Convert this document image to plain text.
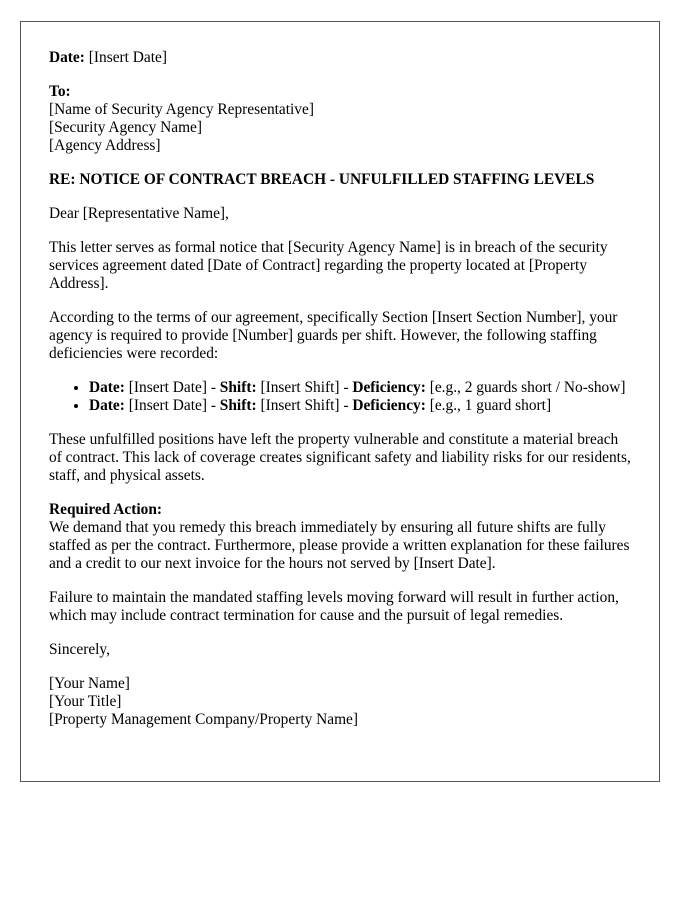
Date: [Insert Date]

To:
[Name of Security Agency Representative]
[Security Agency Name]
[Agency Address]

RE: NOTICE OF CONTRACT BREACH - UNFULFILLED STAFFING LEVELS

Dear [Representative Name],

This letter serves as formal notice that [Security Agency Name] is in breach of the security services agreement dated [Date of Contract] regarding the property located at [Property Address].

According to the terms of our agreement, specifically Section [Insert Section Number], your agency is required to provide [Number] guards per shift. However, the following staffing deficiencies were recorded:

• Date: [Insert Date] - Shift: [Insert Shift] - Deficiency: [e.g., 2 guards short / No-show]
• Date: [Insert Date] - Shift: [Insert Shift] - Deficiency: [e.g., 1 guard short]

These unfulfilled positions have left the property vulnerable and constitute a material breach of contract. This lack of coverage creates significant safety and liability risks for our residents, staff, and physical assets.

Required Action:
We demand that you remedy this breach immediately by ensuring all future shifts are fully staffed as per the contract. Furthermore, please provide a written explanation for these failures and a credit to our next invoice for the hours not served by [Insert Date].

Failure to maintain the mandated staffing levels moving forward will result in further action, which may include contract termination for cause and the pursuit of legal remedies.

Sincerely,

[Your Name]
[Your Title]
[Property Management Company/Property Name]
